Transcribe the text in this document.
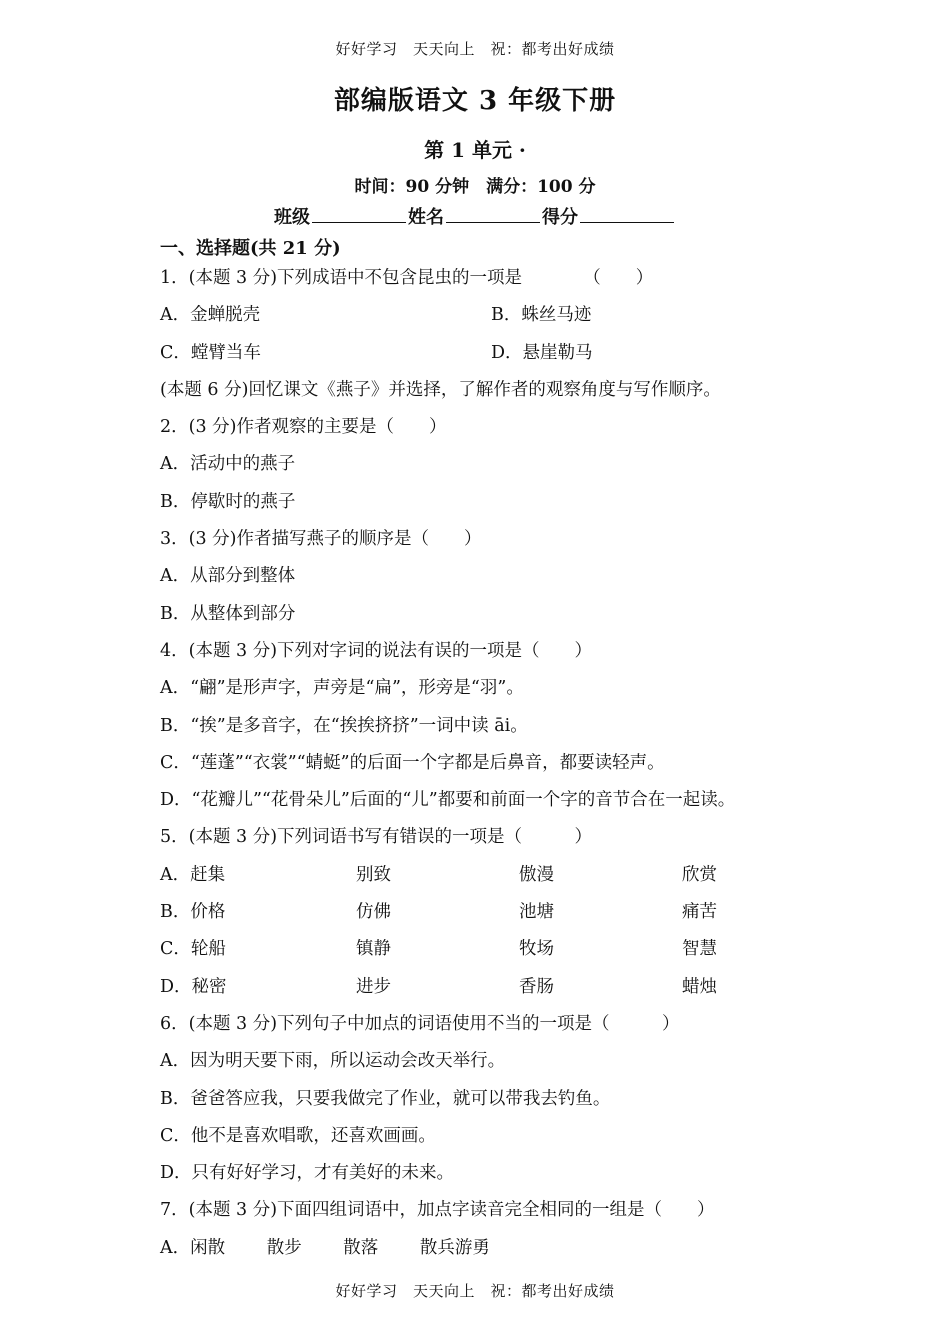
好好学习　天天向上　祝：都考出好成绩
部编版语文 3 年级下册
第 1 单元 ·
时间：90 分钟　满分：100 分
班级	姓名	得分
一、选择题(共 21 分)
1．(本题 3 分)下列成语中不包含昆虫的一项是　　　　（　　）
A．金蝉脱壳	B．蛛丝马迹
C．螳臂当车	D．悬崖勒马
(本题 6 分)回忆课文《燕子》并选择，了解作者的观察角度与写作顺序。
2．(3 分)作者观察的主要是（　　）
A．活动中的燕子
B．停歇时的燕子
3．(3 分)作者描写燕子的顺序是（　　）
A．从部分到整体
B．从整体到部分
4．(本题 3 分)下列对字词的说法有误的一项是（　　）
A．“翩”是形声字，声旁是“扁”，形旁是“羽”。
B．“挨”是多音字，在“挨挨挤挤”一词中读 āi。
C．“莲蓬”“衣裳”“蜻蜓”的后面一个字都是后鼻音，都要读轻声。
D．“花瓣儿”“花骨朵儿”后面的“儿”都要和前面一个字的音节合在一起读。
5．(本题 3 分)下列词语书写有错误的一项是（　　　）
A．赶集	别致	傲漫	欣赏
B．价格	仿佛	池塘	痛苦
C．轮船	镇静	牧场	智慧
D．秘密	进步	香肠	蜡烛
6．(本题 3 分)下列句子中加点的词语使用不当的一项是（　　　）
A．因为明天要下雨，所以运动会改天举行。
B．爸爸答应我，只要我做完了作业，就可以带我去钓鱼。
C．他不是喜欢唱歌，还喜欢画画。
D．只有好好学习，才有美好的未来。
7．(本题 3 分)下面四组词语中，加点字读音完全相同的一组是（　　）
A．闲散 散步 散落 散兵游勇
好好学习　天天向上　祝：都考出好成绩
